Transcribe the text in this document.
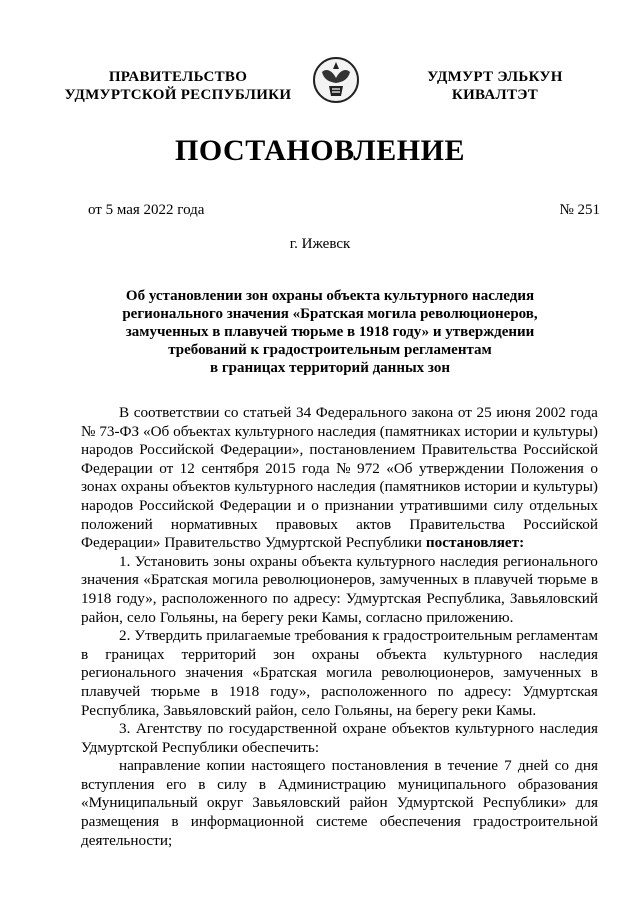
ПРАВИТЕЛЬСТВО
УДМУРТСКОЙ РЕСПУБЛИКИ
УДМУРТ ЭЛЬКУН
КИВАЛТЭТ
ПОСТАНОВЛЕНИЕ
от 5 мая 2022 года	№ 251
г. Ижевск
Об установлении зон охраны объекта культурного наследия
регионального значения «Братская могила революционеров,
замученных в плавучей тюрьме в 1918 году» и утверждении
требований к градостроительным регламентам
в границах территорий данных зон
В соответствии со статьей 34 Федерального закона от 25 июня 2002 года
№ 73-ФЗ «Об объектах культурного наследия (памятниках истории и культуры)
народов Российской Федерации», постановлением Правительства Российской
Федерации от 12 сентября 2015 года № 972 «Об утверждении Положения о
зонах охраны объектов культурного наследия (памятников истории и культуры)
народов Российской Федерации и о признании утратившими силу отдельных
положений нормативных правовых актов Правительства Российской
Федерации» Правительство Удмуртской Республики постановляет:
1. Установить зоны охраны объекта культурного наследия регионального
значения «Братская могила революционеров, замученных в плавучей тюрьме в
1918 году», расположенного по адресу: Удмуртская Республика, Завьяловский
район, село Гольяны, на берегу реки Камы, согласно приложению.
2. Утвердить прилагаемые требования к градостроительным регламентам
в границах территорий зон охраны объекта культурного наследия
регионального значения «Братская могила революционеров, замученных в
плавучей тюрьме в 1918 году», расположенного по адресу: Удмуртская
Республика, Завьяловский район, село Гольяны, на берегу реки Камы.
3. Агентству по государственной охране объектов культурного наследия
Удмуртской Республики обеспечить:
направление копии настоящего постановления в течение 7 дней со дня
вступления его в силу в Администрацию муниципального образования
«Муниципальный округ Завьяловский район Удмуртской Республики» для
размещения в информационной системе обеспечения градостроительной
деятельности;
